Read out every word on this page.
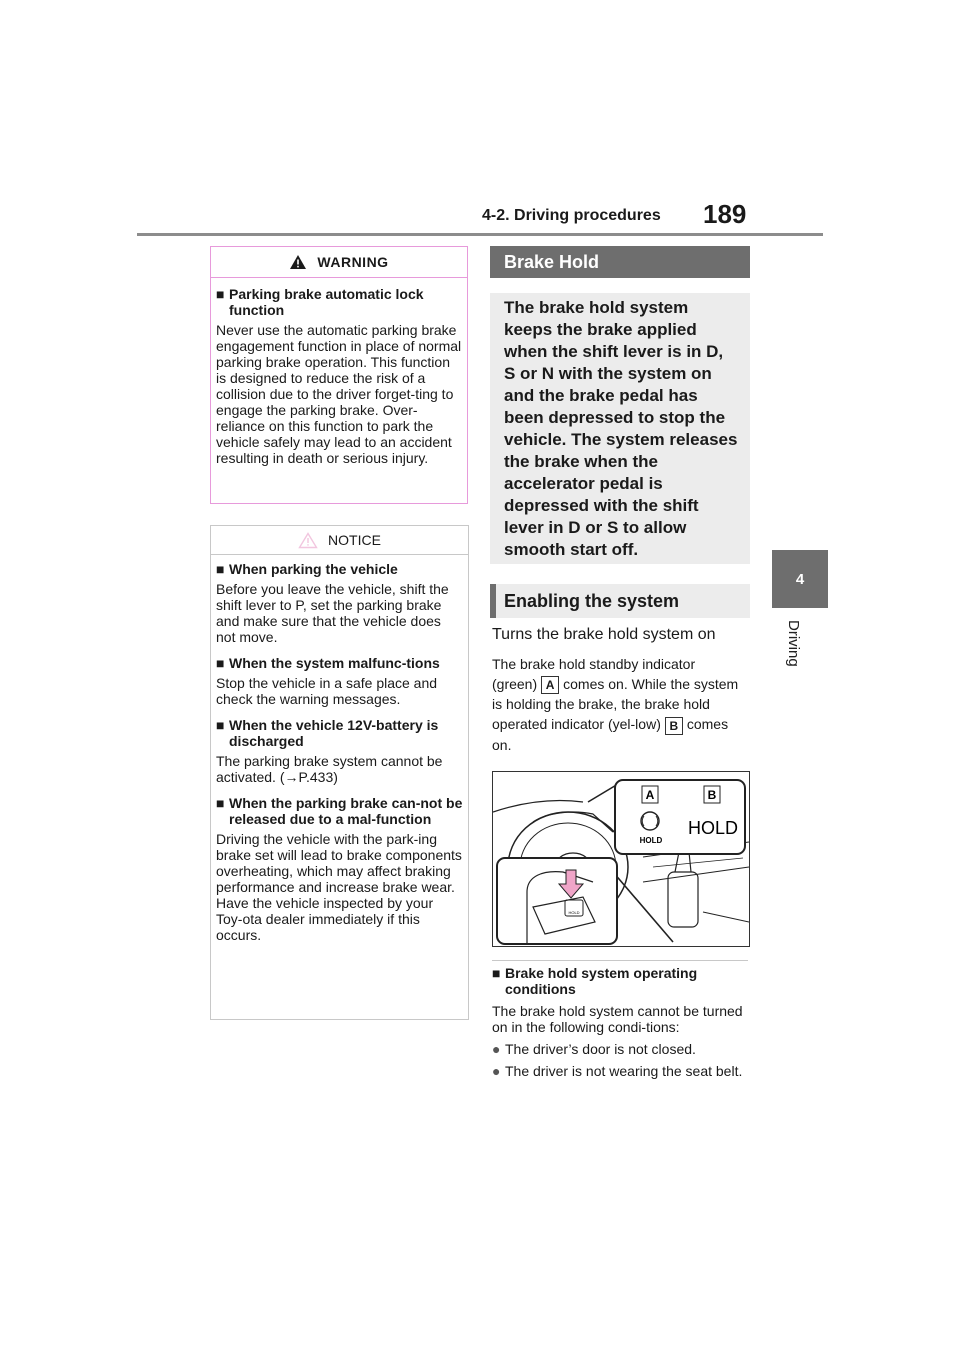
4-2. Driving procedures 189
4
Driving
WARNING

■ Parking brake automatic lock function

Never use the automatic parking brake engagement function in place of normal parking brake operation. This function is designed to reduce the risk of a collision due to the driver forget-ting to engage the parking brake. Over-reliance on this function to park the vehicle safely may lead to an accident resulting in death or serious injury.

NOTICE

■ When parking the vehicle

Before you leave the vehicle, shift the shift lever to P, set the parking brake and make sure that the vehicle does not move.

■ When the system malfunc-tions

Stop the vehicle in a safe place and check the warning messages.

■ When the vehicle 12V-battery is discharged

The parking brake system cannot be activated. (→P.433)

■ When the parking brake can-not be released due to a mal-function

Driving the vehicle with the park-ing brake set will lead to brake components overheating, which may affect braking performance and increase brake wear. Have the vehicle inspected by your Toy-ota dealer immediately if this occurs.

Brake Hold
The brake hold system keeps the brake applied when the shift lever is in D, S or N with the system on and the brake pedal has been depressed to stop the vehicle. The system releases the brake when the accelerator pedal is depressed with the shift lever in D or S to allow smooth start off.
Enabling the system
Turns the brake hold system on
The brake hold standby indicator (green) A comes on. While the system is holding the brake, the brake hold operated indicator (yel-low) B comes on.
A	B
HOLD
HOLD
HOLD

■ Brake hold system operating conditions

The brake hold system cannot be turned on in the following condi-tions:

● The driver’s door is not closed.

● The driver is not wearing the seat belt.
